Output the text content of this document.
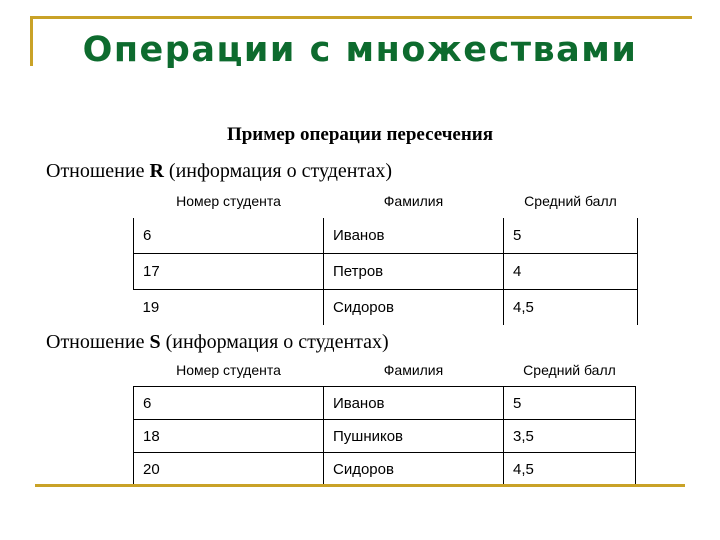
Операции с множествами
Пример операции пересечения
Отношение R (информация о студентах)
Номер студента	Фамилия	Средний балл
6	Иванов	5
17	Петров	4
19	Сидоров	4,5
Отношение S (информация о студентах)
Номер студента	Фамилия	Средний балл
6	Иванов	5
18	Пушников	3,5
20	Сидоров	4,5
